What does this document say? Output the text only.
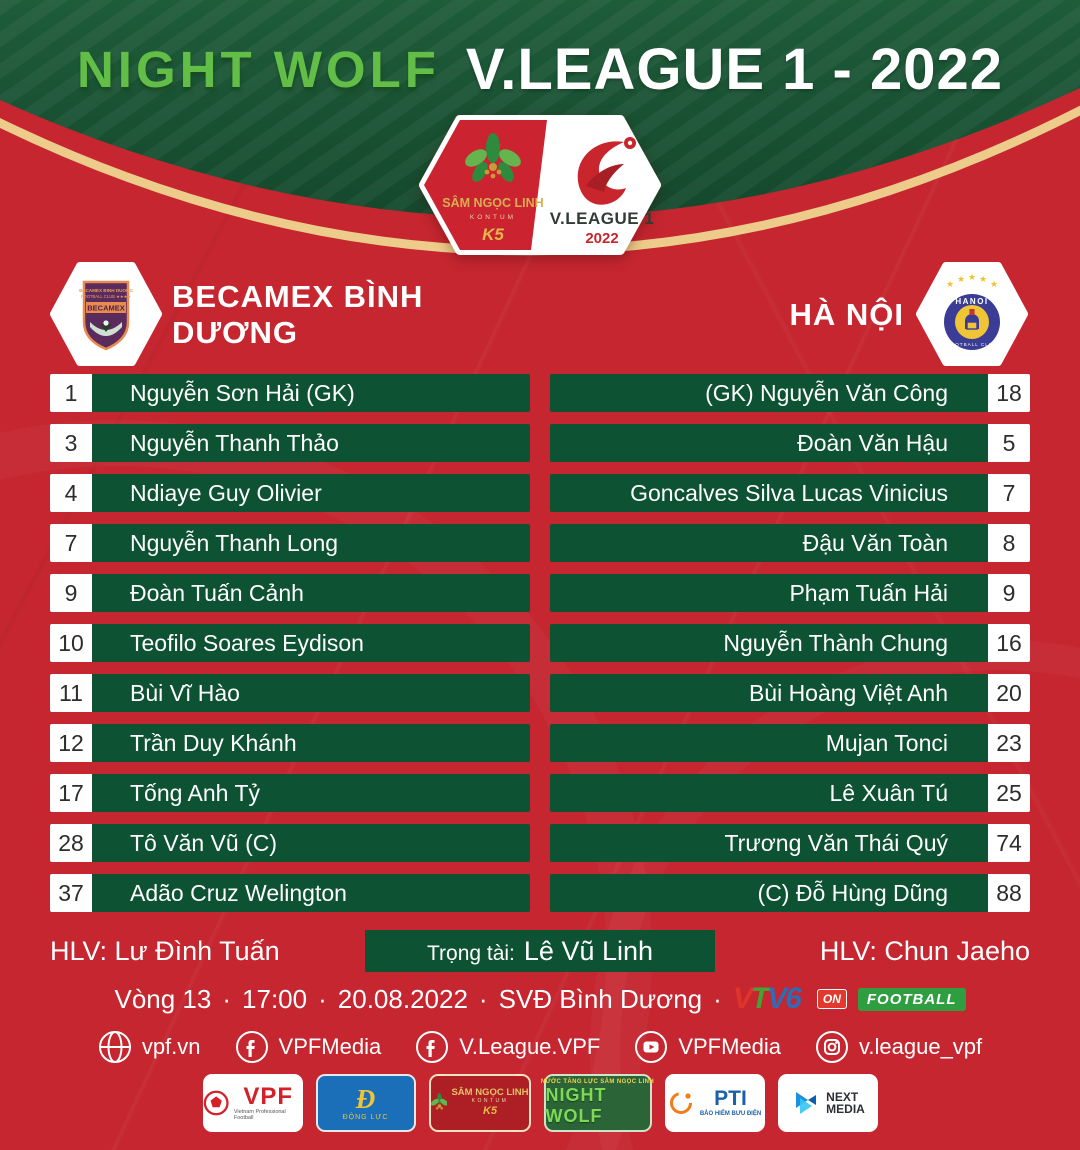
NIGHT WOLF V.LEAGUE 1 - 2022
SÂM NGỌC LINH
KONTUM
K5
V.LEAGUE 1
2022
BECAMEX BINH DUONG
FOOTBALL CLUB ★★★★
BECAMEX BECAMEX BÌNH DƯƠNG
HÀ NỘI
★ ★ ★ ★ ★
HANOI
FOOTBALL CLUB
1	Nguyễn Sơn Hải (GK)
3	Nguyễn Thanh Thảo
4	Ndiaye Guy Olivier
7	Nguyễn Thanh Long
9	Đoàn Tuấn Cảnh
10	Teofilo Soares Eydison
11	Bùi Vĩ Hào
12	Trần Duy Khánh
17	Tống Anh Tỷ
28	Tô Văn Vũ (C)
37	Adão Cruz Welington
(GK) Nguyễn Văn Công	18
Đoàn Văn Hậu	5
Goncalves Silva Lucas Vinicius	7
Đậu Văn Toàn	8
Phạm Tuấn Hải	9
Nguyễn Thành Chung	16
Bùi Hoàng Việt Anh	20
Mujan Tonci	23
Lê Xuân Tú	25
Trương Văn Thái Quý	74
(C) Đỗ Hùng Dũng	88
HLV: Lư Đình Tuấn	Trọng tài: Lê Vũ Linh	HLV: Chun Jaeho
Vòng 13 · 17:00 · 20.08.2022 · SVĐ Bình Dương · V T V 6	ON	FOOTBALL
vpf.vn	VPFMedia	V.League.VPF	VPFMedia	v.league_vpf
VPF
Vietnam Professional Football
Đ
ĐỘNG LỰC
SÂM NGỌC LINH
KONTUM
K5
NƯỚC TĂNG LỰC SÂM NGỌC LINH
NIGHT WOLF
PTI
BẢO HIỂM BƯU ĐIỆN
NEXT
MEDIA
